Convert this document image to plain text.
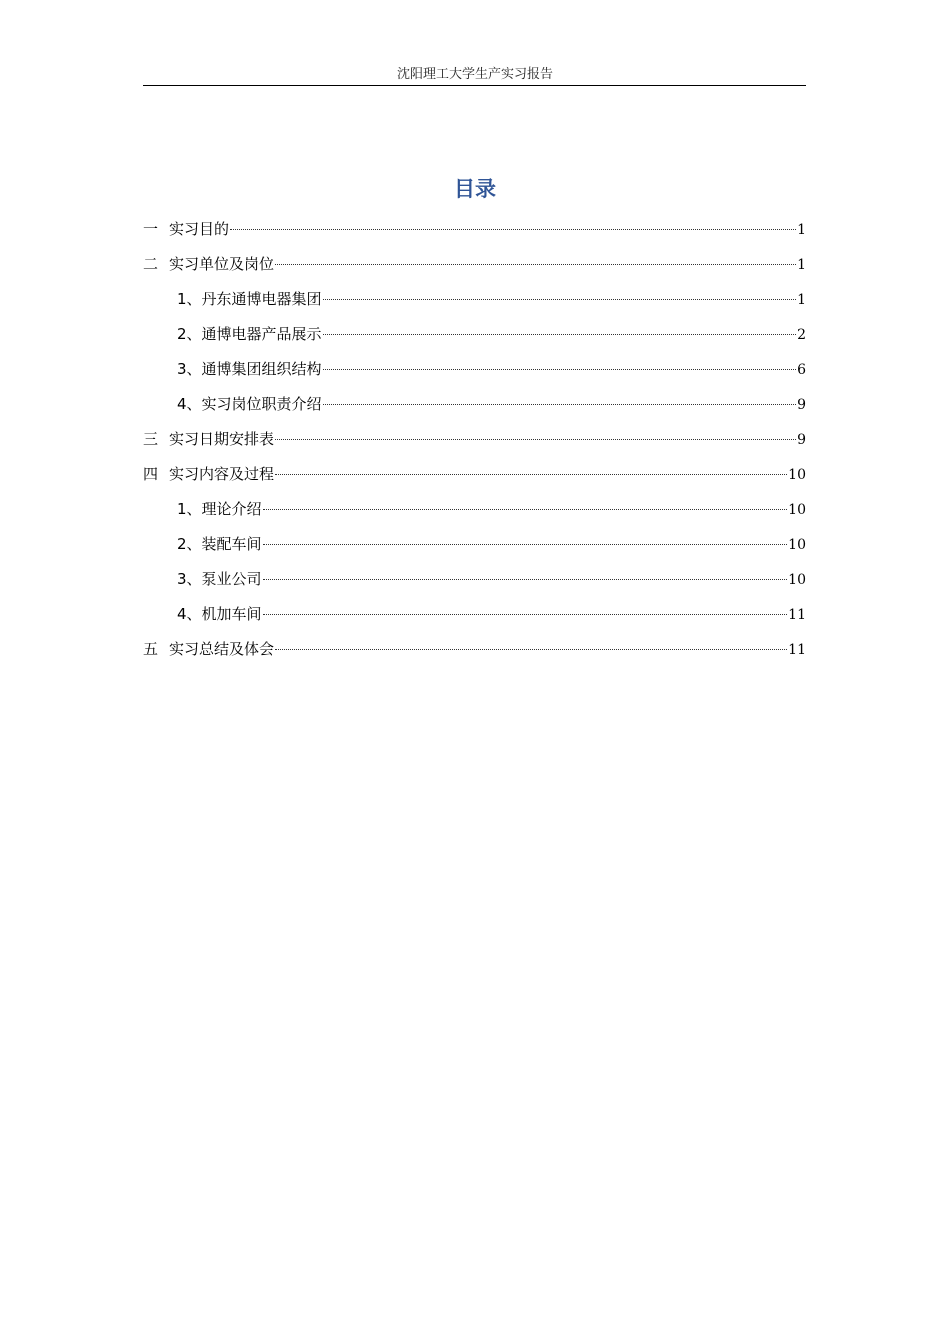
沈阳理工大学生产实习报告
目录
一 实习目的	1
二 实习单位及岗位	1
1、 丹东通博电器集团	1
2、 通博电器产品展示	2
3、 通博集团组织结构	6
4、 实习岗位职责介绍	9
三 实习日期安排表	9
四 实习内容及过程	10
1、 理论介绍	10
2、 装配车间	10
3、 泵业公司	10
4、 机加车间	11
五 实习总结及体会	11
